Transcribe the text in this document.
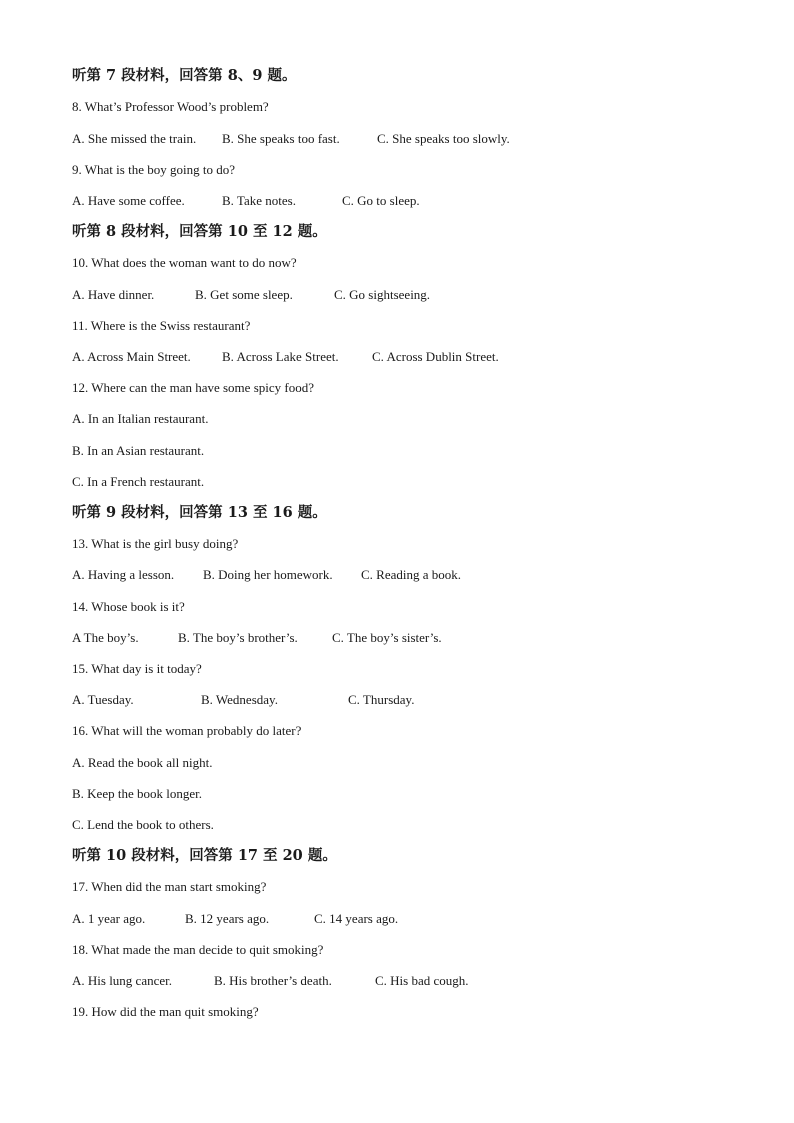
听第 7 段材料，回答第 8、9 题。
8. What’s Professor Wood’s problem?
A. She missed the train. B. She speaks too fast.	C. She speaks too slowly.
9. What is the boy going to do?
A. Have some coffee.	B. Take notes.	C. Go to sleep.
听第 8 段材料，回答第 10 至 12 题。
10. What does the woman want to do now?
A. Have dinner.	B. Get some sleep.	C. Go sightseeing.
11. Where is the Swiss restaurant?
A. Across Main Street. B. Across Lake Street.	C. Across Dublin Street.
12. Where can the man have some spicy food?
A. In an Italian restaurant.
B. In an Asian restaurant.
C. In a French restaurant.
听第 9 段材料，回答第 13 至 16 题。
13. What is the girl busy doing?
A. Having a lesson. B. Doing her homework. C. Reading a book.
14. Whose book is it?
A The boy’s.	B. The boy’s brother’s.	C. The boy’s sister’s.
15. What day is it today?
A. Tuesday.	B. Wednesday.	C. Thursday.
16. What will the woman probably do later?
A. Read the book all night.
B. Keep the book longer.
C. Lend the book to others.
听第 10 段材料，回答第 17 至 20 题。
17. When did the man start smoking?
A. 1 year ago.	B. 12 years ago.	C. 14 years ago.
18. What made the man decide to quit smoking?
A. His lung cancer.	B. His brother’s death.	C. His bad cough.
19. How did the man quit smoking?
